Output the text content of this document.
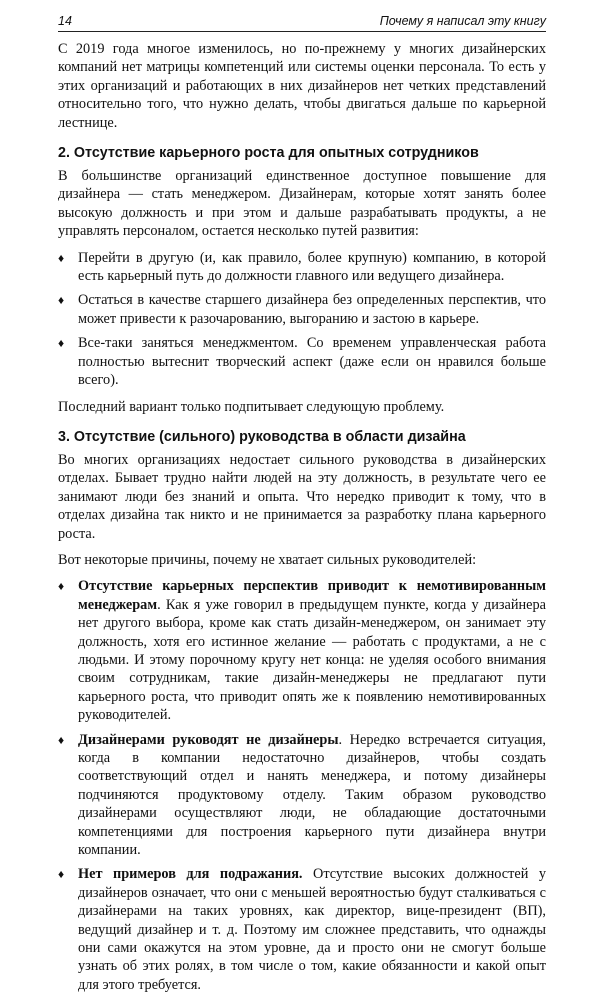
14	Почему я написал эту книгу

С 2019 года многое изменилось, но по-прежнему у многих дизайнерских компаний нет матрицы компетенций или системы оценки персонала. То есть у этих организаций и работающих в них дизайнеров нет четких представлений относительно того, что нужно делать, чтобы двигаться дальше по карьерной лестнице.

2. Отсутствие карьерного роста для опытных сотрудников

В большинстве организаций единственное доступное повышение для дизайнера — стать менеджером. Дизайнерам, которые хотят занять более высокую должность и при этом и дальше разрабатывать продукты, а не управлять персоналом, остается несколько путей развития:

♦ Перейти в другую (и, как правило, более крупную) компанию, в которой есть карьерный путь до должности главного или ведущего дизайнера.
♦ Остаться в качестве старшего дизайнера без определенных перспектив, что может привести к разочарованию, выгоранию и застою в карьере.
♦ Все-таки заняться менеджментом. Со временем управленческая работа полностью вытеснит творческий аспект (даже если он нравился больше всего).

Последний вариант только подпитывает следующую проблему.

3. Отсутствие (сильного) руководства в области дизайна

Во многих организациях недостает сильного руководства в дизайнерских отделах. Бывает трудно найти людей на эту должность, в результате чего ее занимают люди без знаний и опыта. Что нередко приводит к тому, что в отделах дизайна так никто и не принимается за разработку плана карьерного роста.

Вот некоторые причины, почему не хватает сильных руководителей:

♦ Отсутствие карьерных перспектив приводит к немотивированным менеджерам. Как я уже говорил в предыдущем пункте, когда у дизайнера нет другого выбора, кроме как стать дизайн-менеджером, он занимает эту должность, хотя его истинное желание — работать с продуктами, а не с людьми. И этому порочному кругу нет конца: не уделяя особого внимания своим сотрудникам, такие дизайн-менеджеры не предлагают пути карьерного роста, что приводит опять же к появлению немотивированных руководителей.
♦ Дизайнерами руководят не дизайнеры. Нередко встречается ситуация, когда в компании недостаточно дизайнеров, чтобы создать соответствующий отдел и нанять менеджера, и потому дизайнеры подчиняются продуктовому отделу. Таким образом руководство дизайнерами осуществляют люди, не обладающие достаточными компетенциями для построения карьерного пути дизайнера внутри компании.
♦ Нет примеров для подражания. Отсутствие высоких должностей у дизайнеров означает, что они с меньшей вероятностью будут сталкиваться с дизайнерами на таких уровнях, как директор, вице-президент (ВП), ведущий дизайнер и т. д. Поэтому им сложнее представить, что однажды они сами окажутся на этом уровне, да и просто они не смогут больше узнать об этих ролях, в том числе о том, какие обязанности и какой опыт для этого требуется.
